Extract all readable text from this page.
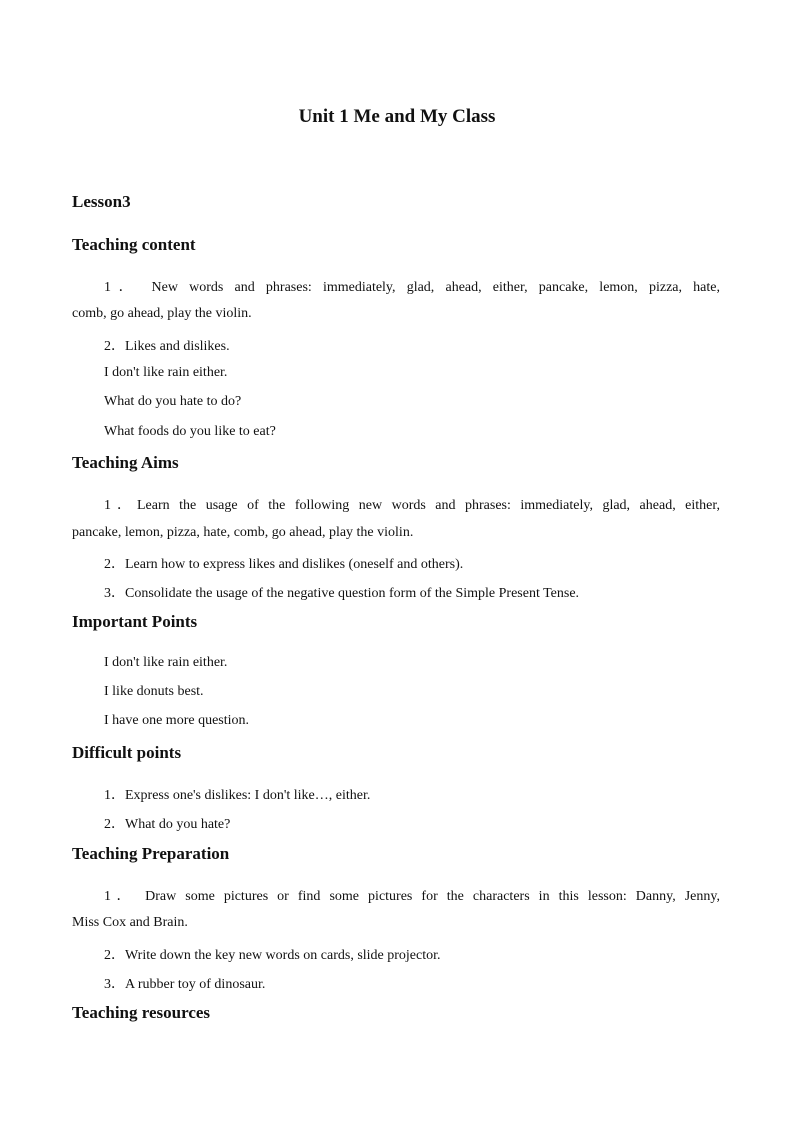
Unit 1 Me and My Class
Lesson3
Teaching content
1． New words and phrases: immediately, glad, ahead, either, pancake, lemon, pizza, hate,
comb, go ahead, play the violin.
2．Likes and dislikes.
I don't like rain either.
What do you hate to do?
What foods do you like to eat?
Teaching Aims
1．Learn the usage of the following new words and phrases: immediately, glad, ahead, either,
pancake, lemon, pizza, hate, comb, go ahead, play the violin.
2．Learn how to express likes and dislikes (oneself and others).
3．Consolidate the usage of the negative question form of the Simple Present Tense.
Important Points
I don't like rain either.
I like donuts best.
I have one more question.
Difficult points
1．Express one's dislikes: I don't like…, either.
2．What do you hate?
Teaching Preparation
1． Draw some pictures or find some pictures for the characters in this lesson: Danny, Jenny,
Miss Cox and Brain.
2．Write down the key new words on cards, slide projector.
3．A rubber toy of dinosaur.
Teaching resources
